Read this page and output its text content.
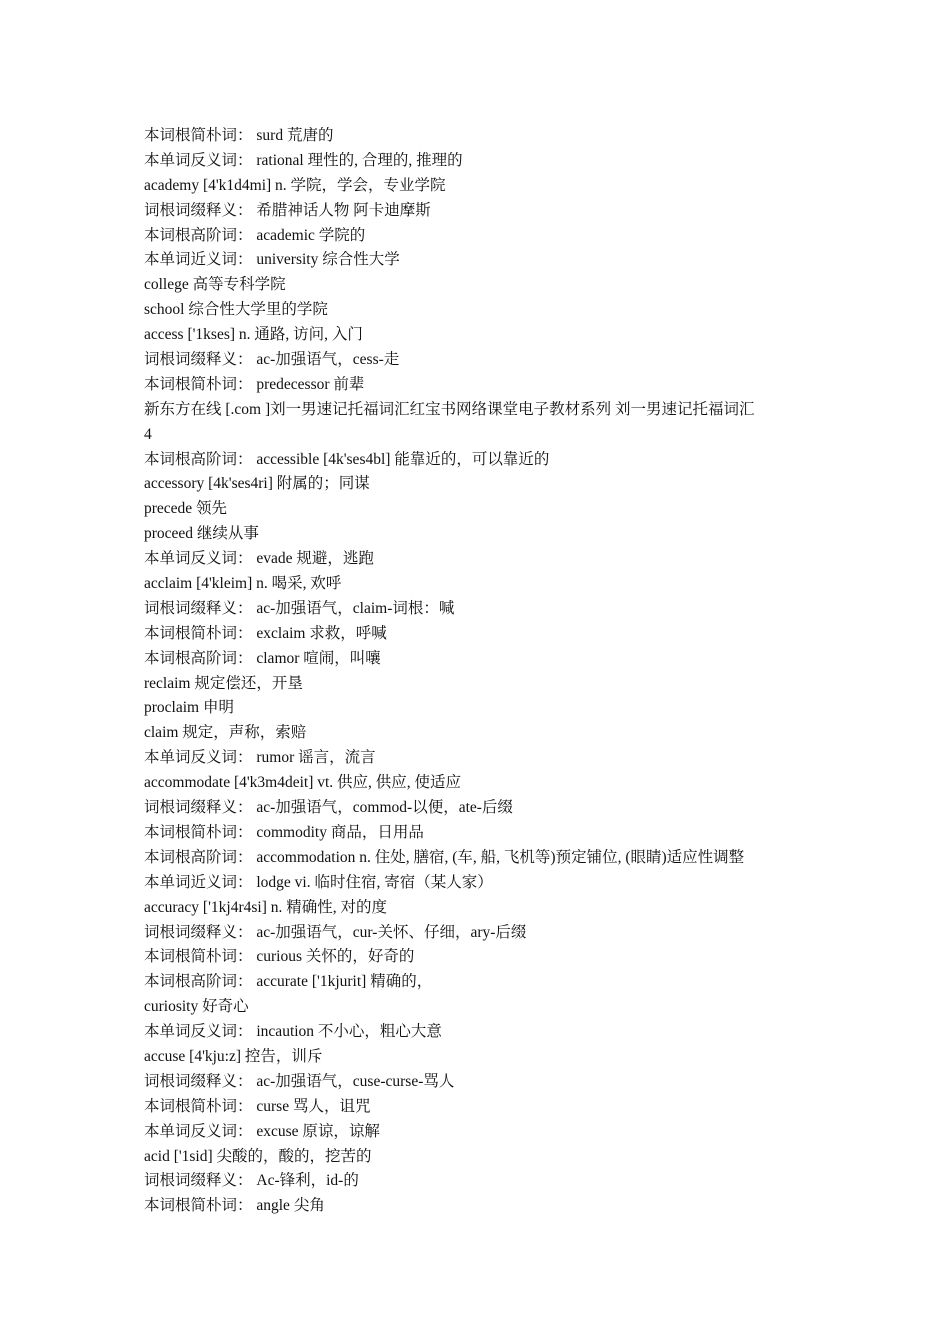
本词根简朴词： surd 荒唐的
本单词反义词： rational 理性的, 合理的, 推理的
academy [4'k1d4mi] n. 学院，学会，专业学院
词根词缀释义： 希腊神话人物 阿卡迪摩斯
本词根高阶词： academic 学院的
本单词近义词： university 综合性大学
college 高等专科学院
school 综合性大学里的学院
access ['1kses] n. 通路, 访问, 入门
词根词缀释义： ac-加强语气，cess-走
本词根简朴词： predecessor 前辈
新东方在线 [.com ]刘一男速记托福词汇红宝书网络课堂电子教材系列 刘一男速记托福词汇
4
本词根高阶词： accessible [4k'ses4bl] 能靠近的，可以靠近的
accessory [4k'ses4ri] 附属的；同谋
precede 领先
proceed 继续从事
本单词反义词： evade 规避，逃跑
acclaim [4'kleim] n. 喝采, 欢呼
词根词缀释义： ac-加强语气，claim-词根：喊
本词根简朴词： exclaim 求救，呼喊
本词根高阶词： clamor 喧闹，叫嚷
reclaim 规定偿还，开垦
proclaim 申明
claim 规定，声称，索赔
本单词反义词： rumor 谣言，流言
accommodate [4'k3m4deit] vt. 供应, 供应, 使适应
词根词缀释义： ac-加强语气，commod-以便，ate-后缀
本词根简朴词： commodity 商品，日用品
本词根高阶词： accommodation n. 住处, 膳宿, (车, 船, 飞机等)预定铺位, (眼睛)适应性调整
本单词近义词： lodge vi. 临时住宿, 寄宿（某人家）
accuracy ['1kj4r4si] n. 精确性, 对的度
词根词缀释义： ac-加强语气，cur-关怀、仔细，ary-后缀
本词根简朴词： curious 关怀的，好奇的
本词根高阶词： accurate ['1kjurit] 精确的，
curiosity 好奇心
本单词反义词： incaution 不小心，粗心大意
accuse [4'kju:z] 控告，训斥
词根词缀释义： ac-加强语气，cuse-curse-骂人
本词根简朴词： curse 骂人，诅咒
本单词反义词： excuse 原谅，谅解
acid ['1sid] 尖酸的，酸的，挖苦的
词根词缀释义： Ac-锋利，id-的
本词根简朴词： angle 尖角
